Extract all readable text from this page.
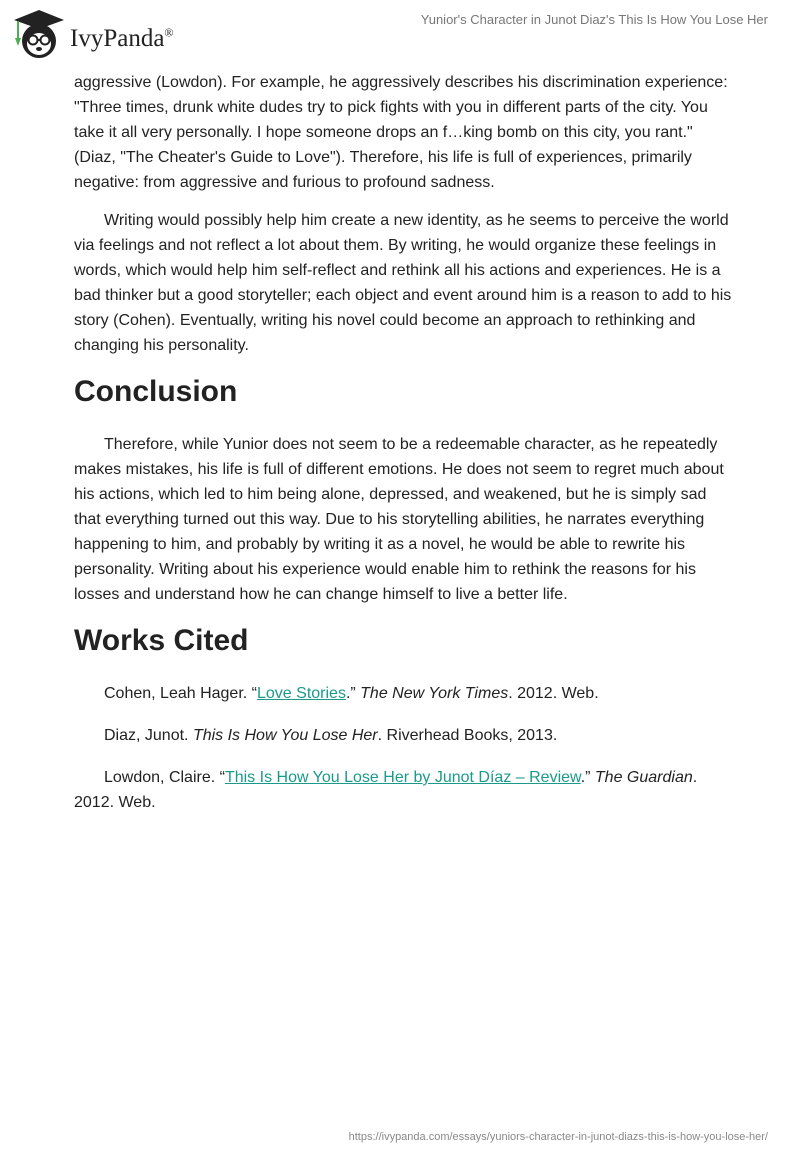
IvyPanda®
Yunior's Character in Junot Diaz's This Is How You Lose Her

aggressive (Lowdon). For example, he aggressively describes his discrimination experience: "Three times, drunk white dudes try to pick fights with you in different parts of the city. You take it all very personally. I hope someone drops an f…king bomb on this city, you rant." (Diaz, "The Cheater's Guide to Love"). Therefore, his life is full of experiences, primarily negative: from aggressive and furious to profound sadness.

Writing would possibly help him create a new identity, as he seems to perceive the world via feelings and not reflect a lot about them. By writing, he would organize these feelings in words, which would help him self-reflect and rethink all his actions and experiences. He is a bad thinker but a good storyteller; each object and event around him is a reason to add to his story (Cohen). Eventually, writing his novel could become an approach to rethinking and changing his personality.

Conclusion

Therefore, while Yunior does not seem to be a redeemable character, as he repeatedly makes mistakes, his life is full of different emotions. He does not seem to regret much about his actions, which led to him being alone, depressed, and weakened, but he is simply sad that everything turned out this way. Due to his storytelling abilities, he narrates everything happening to him, and probably by writing it as a novel, he would be able to rewrite his personality. Writing about his experience would enable him to rethink the reasons for his losses and understand how he can change himself to live a better life.

Works Cited

Cohen, Leah Hager. “Love Stories.” The New York Times. 2012. Web.

Diaz, Junot. This Is How You Lose Her. Riverhead Books, 2013.

Lowdon, Claire. “This Is How You Lose Her by Junot Díaz – Review.” The Guardian. 2012. Web.

https://ivypanda.com/essays/yuniors-character-in-junot-diazs-this-is-how-you-lose-her/
